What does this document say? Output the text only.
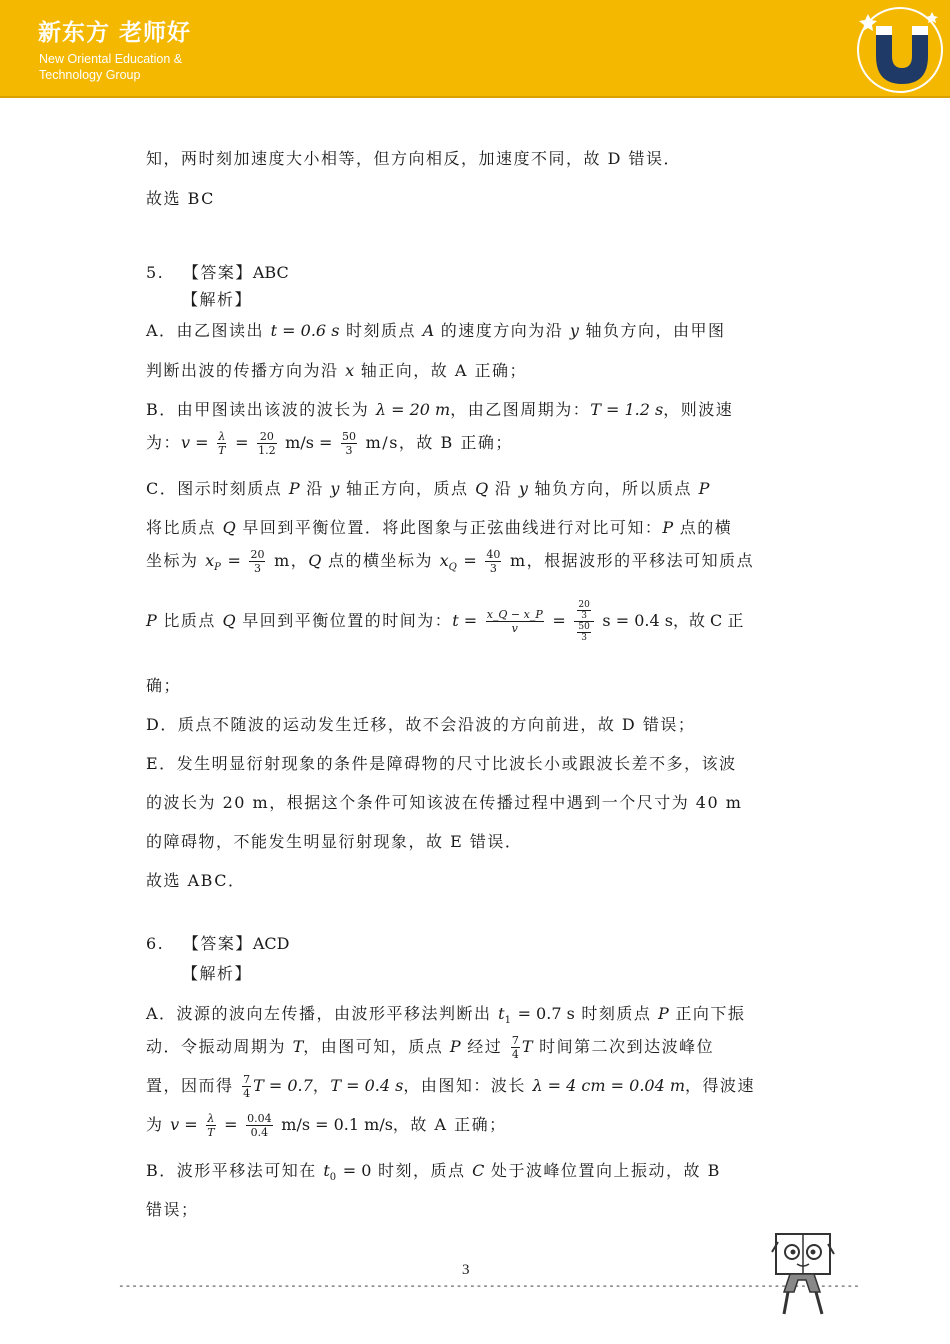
新东方 老师好
New Oriental Education &
Technology Group
知，两时刻加速度大小相等，但方向相反，加速度不同，故 D 错误．
故选 BC
5. 【答案】ABC
【解析】
A．由乙图读出 t = 0.6 s 时刻质点 A 的速度方向为沿 y 轴负方向，由甲图
判断出波的传播方向为沿 x 轴正向，故 A 正确；
B．由甲图读出该波的波长为 λ = 20 m，由乙图周期为：T = 1.2 s，则波速
为：$v = \frac{\lambda}{T} = \frac{20}{1.2} m/s = \frac{50}{3} m/s$，故 B 正确；
C．图示时刻质点 P 沿 y 轴正方向，质点 Q 沿 y 轴负方向，所以质点 P
将比质点 Q 早回到平衡位置．将此图象与正弦曲线进行对比可知：P 点的横
坐标为 $x_P = \frac{20}{3}$ m，Q 点的横坐标为 $x_Q = \frac{40}{3}$ m，根据波形的平移法可知质点
P 比质点 Q 早回到平衡位置的时间为：$t = \frac{x\_Q - x\_P}{v} = \frac{\frac{20}{3}}{\frac{50}{3}}$ s = 0.4 s，故 C 正
确；
D．质点不随波的运动发生迁移，故不会沿波的方向前进，故 D 错误；
E．发生明显衍射现象的条件是障碍物的尺寸比波长小或跟波长差不多，该波
的波长为 20 m，根据这个条件可知该波在传播过程中遇到一个尺寸为 40 m
的障碍物，不能发生明显衍射现象，故 E 错误．
故选 ABC．
6. 【答案】ACD
【解析】
A．波源的波向左传播，由波形平移法判断出 $t_1 = 0.7$ s 时刻质点 P 正向下振
动．令振动周期为 T，由图可知，质点 P 经过 $\frac{7}{4}$ T 时间第二次到达波峰位
置，因而得 $\frac{7}{4}$ T = 0.7，T = 0.4 s，由图知：波长 λ = 4 cm = 0.04 m，得波速
为 $v = \frac{\lambda}{T} = \frac{0.04}{0.4} m/s = 0.1$ m/s，故 A 正确；
B．波形平移法可知在 $t_0 = 0$ 时刻，质点 C 处于波峰位置向上振动，故 B
错误；
3
----------------------------------------------------------------------------------------------------------------
